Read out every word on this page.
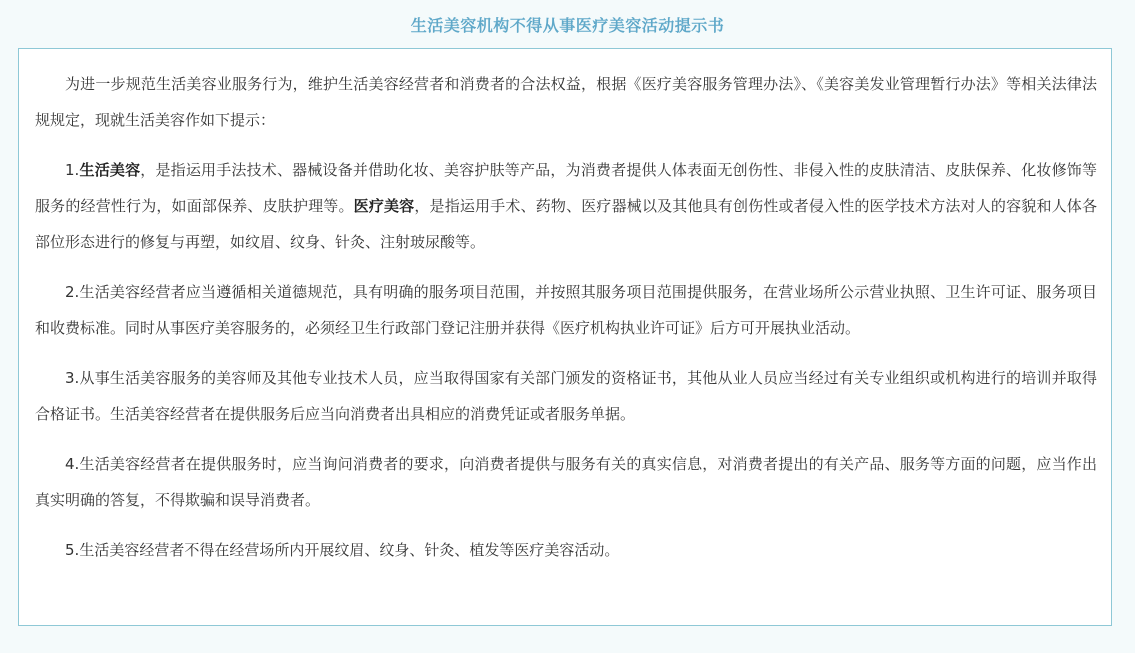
生活美容机构不得从事医疗美容活动提示书

为进一步规范生活美容业服务行为，维护生活美容经营者和消费者的合法权益，根据《医疗美容服务管理办法》、《美容美发业管理暂行办法》等相关法律法规规定，现就生活美容作如下提示：

1.生活美容，是指运用手法技术、器械设备并借助化妆、美容护肤等产品，为消费者提供人体表面无创伤性、非侵入性的皮肤清洁、皮肤保养、化妆修饰等服务的经营性行为，如面部保养、皮肤护理等。医疗美容，是指运用手术、药物、医疗器械以及其他具有创伤性或者侵入性的医学技术方法对人的容貌和人体各部位形态进行的修复与再塑，如纹眉、纹身、针灸、注射玻尿酸等。

2.生活美容经营者应当遵循相关道德规范，具有明确的服务项目范围，并按照其服务项目范围提供服务，在营业场所公示营业执照、卫生许可证、服务项目和收费标准。同时从事医疗美容服务的，必须经卫生行政部门登记注册并获得《医疗机构执业许可证》后方可开展执业活动。

3.从事生活美容服务的美容师及其他专业技术人员，应当取得国家有关部门颁发的资格证书，其他从业人员应当经过有关专业组织或机构进行的培训并取得合格证书。生活美容经营者在提供服务后应当向消费者出具相应的消费凭证或者服务单据。

4.生活美容经营者在提供服务时，应当询问消费者的要求，向消费者提供与服务有关的真实信息，对消费者提出的有关产品、服务等方面的问题，应当作出真实明确的答复，不得欺骗和误导消费者。

5.生活美容经营者不得在经营场所内开展纹眉、纹身、针灸、植发等医疗美容活动。
